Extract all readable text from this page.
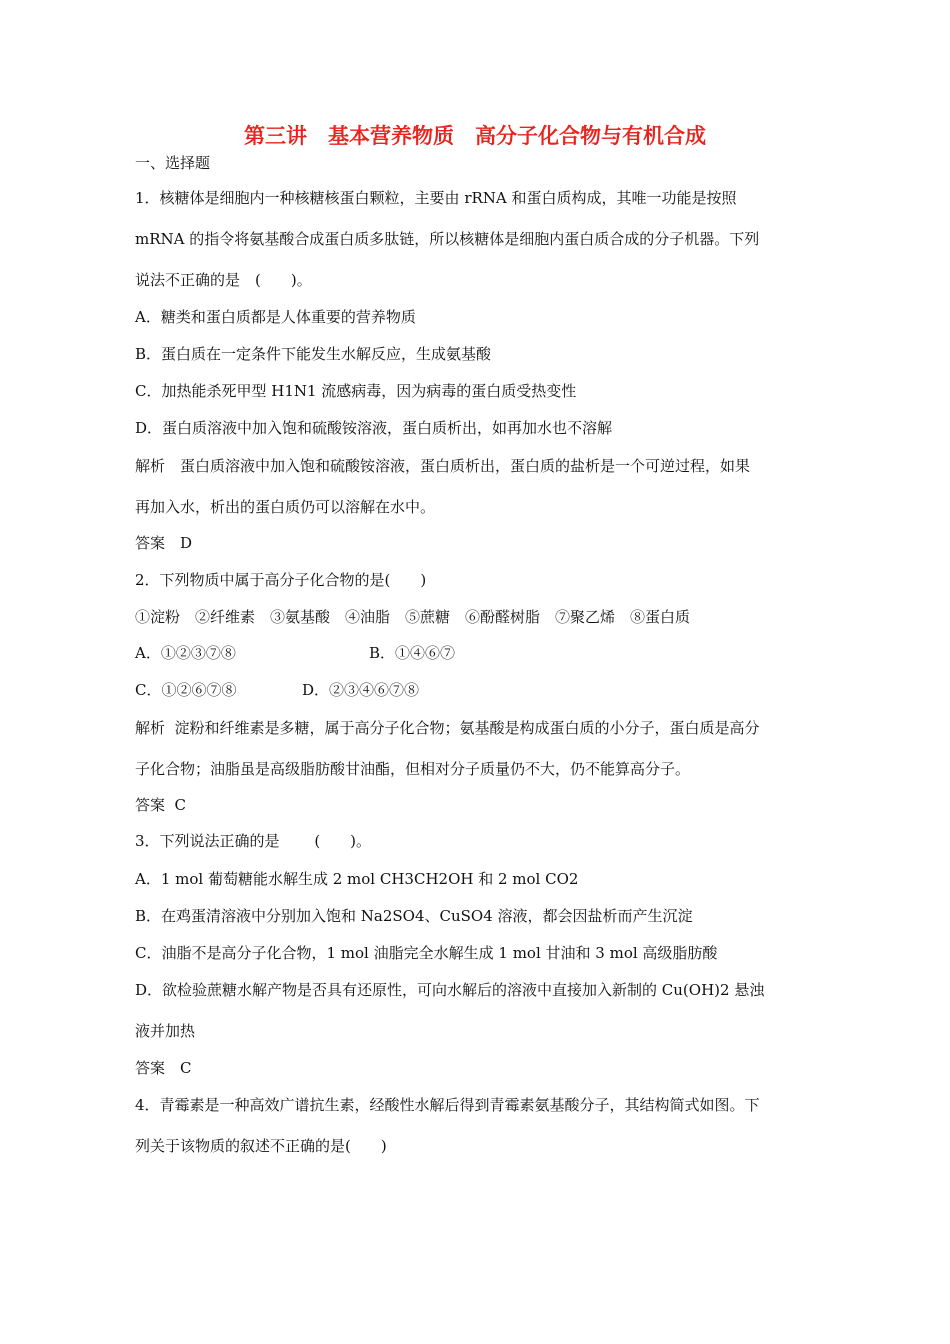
第三讲　基本营养物质　高分子化合物与有机合成
一、选择题
1．核糖体是细胞内一种核糖核蛋白颗粒，主要由 rRNA 和蛋白质构成，其唯一功能是按照
mRNA 的指令将氨基酸合成蛋白质多肽链，所以核糖体是细胞内蛋白质合成的分子机器。下列
说法不正确的是　(　　)。
A．糖类和蛋白质都是人体重要的营养物质
B．蛋白质在一定条件下能发生水解反应，生成氨基酸
C．加热能杀死甲型 H1N1 流感病毒，因为病毒的蛋白质受热变性
D．蛋白质溶液中加入饱和硫酸铵溶液，蛋白质析出，如再加水也不溶解
解析　蛋白质溶液中加入饱和硫酸铵溶液，蛋白质析出，蛋白质的盐析是一个可逆过程，如果
再加入水，析出的蛋白质仍可以溶解在水中。
答案　D
2．下列物质中属于高分子化合物的是(　　)
①淀粉　②纤维素　③氨基酸　④油脂　⑤蔗糖　⑥酚醛树脂　⑦聚乙烯　⑧蛋白质
A．①②③⑦⑧	B．①④⑥⑦
C．①②⑥⑦⑧	D．②③④⑥⑦⑧
解析  淀粉和纤维素是多糖，属于高分子化合物；氨基酸是构成蛋白质的小分子，蛋白质是高分
子化合物；油脂虽是高级脂肪酸甘油酯，但相对分子质量仍不大，仍不能算高分子。
答案  C
3．下列说法正确的是　　 (　　)。
A．1 mol 葡萄糖能水解生成 2 mol CH3CH2OH 和 2 mol CO2
B．在鸡蛋清溶液中分别加入饱和 Na2SO4、CuSO4 溶液，都会因盐析而产生沉淀
C．油脂不是高分子化合物，1 mol 油脂完全水解生成 1 mol 甘油和 3 mol 高级脂肪酸
D．欲检验蔗糖水解产物是否具有还原性，可向水解后的溶液中直接加入新制的 Cu(OH)2 悬浊
液并加热
答案　C
4．青霉素是一种高效广谱抗生素，经酸性水解后得到青霉素氨基酸分子，其结构简式如图。下
列关于该物质的叙述不正确的是(　　)
